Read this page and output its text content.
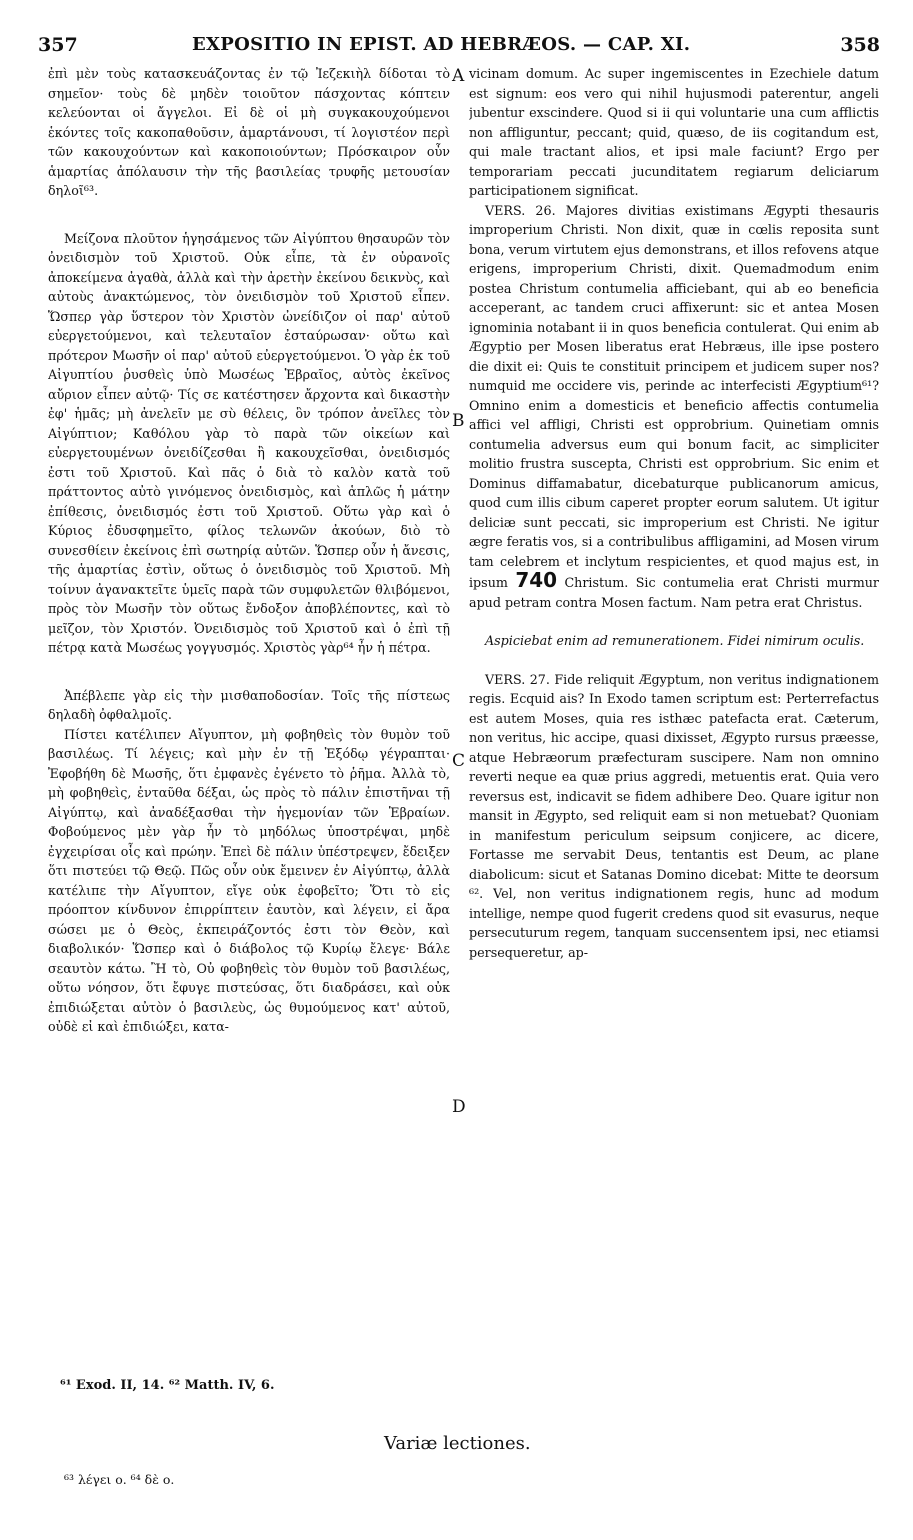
357	EXPOSITIO IN EPIST. AD HEBRÆOS. — CAP. XI.	358

ἐπὶ μὲν τοὺς κατασκευάζοντας ἐν τῷ Ἰεζεκιὴλ δίδοται τὸ σημεῖον· τοὺς δὲ μηδὲν τοιοῦτον πάσχοντας κόπτειν κελεύονται οἱ ἄγγελοι. Εἰ δὲ οἱ μὴ συγκακουχούμενοι ἑκόντες τοῖς κακοπαθοῦσιν, ἁμαρτάνουσι, τί λογιστέον περὶ τῶν κακουχούντων καὶ κακοποιούντων; Πρόσκαιρον οὖν ἁμαρτίας ἀπόλαυσιν τὴν τῆς βασιλείας τρυφῆς μετουσίαν δηλοῖ⁶³.

Μείζονα πλοῦτον ἡγησάμενος τῶν Αἰγύπτου θησαυρῶν τὸν ὀνειδισμὸν τοῦ Χριστοῦ. Οὐκ εἶπε, τὰ ἐν οὐρανοῖς ἀποκείμενα ἀγαθὰ, ἀλλὰ καὶ τὴν ἀρετὴν ἐκείνου δεικνὺς, καὶ αὐτοὺς ἀνακτώμενος, τὸν ὀνειδισμὸν τοῦ Χριστοῦ εἶπεν. Ὥσπερ γὰρ ὕστερον τὸν Χριστὸν ὠνείδιζον οἱ παρ' αὐτοῦ εὐεργετούμενοι, καὶ τελευταῖον ἐσταύρωσαν· οὕτω καὶ πρότερον Μωσῆν οἱ παρ' αὐτοῦ εὐεργετούμενοι. Ὁ γὰρ ἐκ τοῦ Αἰγυπτίου ῥυσθεὶς ὑπὸ Μωσέως Ἑβραῖος, αὐτὸς ἐκεῖνος αὔριον εἶπεν αὐτῷ· Τίς σε κατέστησεν ἄρχοντα καὶ δικαστὴν ἐφ' ἡμᾶς; μὴ ἀνελεῖν με σὺ θέλεις, ὃν τρόπον ἀνεῖλες τὸν Αἰγύπτιον; Καθόλου γὰρ τὸ παρὰ τῶν οἰκείων καὶ εὐεργετουμένων ὀνειδίζεσθαι ἢ κακουχεῖσθαι, ὀνειδισμός ἐστι τοῦ Χριστοῦ. Καὶ πᾶς ὁ διὰ τὸ καλὸν κατὰ τοῦ πράττοντος αὐτὸ γινόμενος ὀνειδισμὸς, καὶ ἁπλῶς ἡ μάτην ἐπίθεσις, ὀνειδισμός ἐστι τοῦ Χριστοῦ. Οὕτω γὰρ καὶ ὁ Κύριος ἐδυσφημεῖτο, φίλος τελωνῶν ἀκούων, διὸ τὸ συνεσθίειν ἐκείνοις ἐπὶ σωτηρίᾳ αὐτῶν. Ὥσπερ οὖν ἡ ἄνεσις, τῆς ἁμαρτίας ἐστὶν, οὕτως ὁ ὀνειδισμὸς τοῦ Χριστοῦ. Μὴ τοίνυν ἀγανακτεῖτε ὑμεῖς παρὰ τῶν συμφυλετῶν θλιβόμενοι, πρὸς τὸν Μωσῆν τὸν οὕτως ἔνδοξον ἀποβλέποντες, καὶ τὸ μεῖζον, τὸν Χριστόν. Ὀνειδισμὸς τοῦ Χριστοῦ καὶ ὁ ἐπὶ τῇ πέτρᾳ κατὰ Μωσέως γογγυσμός. Χριστὸς γὰρ⁶⁴ ἦν ἡ πέτρα.

Ἀπέβλεπε γὰρ εἰς τὴν μισθαποδοσίαν. Τοῖς τῆς πίστεως δηλαδὴ ὀφθαλμοῖς.

Πίστει κατέλιπεν Αἴγυπτον, μὴ φοβηθεὶς τὸν θυμὸν τοῦ βασιλέως. Τί λέγεις; καὶ μὴν ἐν τῇ Ἐξόδῳ γέγραπται· Ἐφοβήθη δὲ Μωσῆς, ὅτι ἐμφανὲς ἐγένετο τὸ ῥῆμα. Ἀλλὰ τὸ, μὴ φοβηθεὶς, ἐνταῦθα δέξαι, ὡς πρὸς τὸ πάλιν ἐπιστῆναι τῇ Αἰγύπτῳ, καὶ ἀναδέξασθαι τὴν ἡγεμονίαν τῶν Ἑβραίων. Φοβούμενος μὲν γὰρ ἦν τὸ μηδόλως ὑποστρέψαι, μηδὲ ἐγχειρίσαι οἷς καὶ πρώην. Ἐπεὶ δὲ πάλιν ὑπέστρεψεν, ἔδειξεν ὅτι πιστεύει τῷ Θεῷ. Πῶς οὖν οὐκ ἔμεινεν ἐν Αἰγύπτῳ, ἀλλὰ κατέλιπε τὴν Αἴγυπτον, εἴγε οὐκ ἐφοβεῖτο; Ὅτι τὸ εἰς πρόοπτον κίνδυνον ἐπιρρίπτειν ἑαυτὸν, καὶ λέγειν, εἰ ἄρα σώσει με ὁ Θεὸς, ἐκπειράζοντός ἐστι τὸν Θεὸν, καὶ διαβολικόν· Ὥσπερ καὶ ὁ διάβολος τῷ Κυρίῳ ἔλεγε· Βάλε σεαυτὸν κάτω. Ἢ τὸ, Οὐ φοβηθεὶς τὸν θυμὸν τοῦ βασιλέως, οὕτω νόησον, ὅτι ἔφυγε πιστεύσας, ὅτι διαδράσει, καὶ οὐκ ἐπιδιώξεται αὐτὸν ὁ βασιλεὺς, ὡς θυμούμενος κατ' αὐτοῦ, οὐδὲ εἰ καὶ ἐπιδιώξει, κατα-

A
B
C
D

vicinam domum. Ac super ingemiscentes in Ezechiele datum est signum: eos vero qui nihil hujusmodi paterentur, angeli jubentur exscindere. Quod si ii qui voluntarie una cum afflictis non affliguntur, peccant; quid, quæso, de iis cogitandum est, qui male tractant alios, et ipsi male faciunt? Ergo per temporariam peccati jucunditatem regiarum deliciarum participationem significat.

VERS. 26. Majores divitias existimans Ægypti thesauris improperium Christi. Non dixit, quæ in cœlis reposita sunt bona, verum virtutem ejus demonstrans, et illos refovens atque erigens, improperium Christi, dixit. Quemadmodum enim postea Christum contumelia afficiebant, qui ab eo beneficia acceperant, ac tandem cruci affixerunt: sic et antea Mosen ignominia notabant ii in quos beneficia contulerat. Qui enim ab Ægyptio per Mosen liberatus erat Hebræus, ille ipse postero die dixit ei: Quis te constituit principem et judicem super nos? numquid me occidere vis, perinde ac interfecisti Ægyptium⁶¹? Omnino enim a domesticis et beneficio affectis contumelia affici vel affligi, Christi est opprobrium. Quinetiam omnis contumelia adversus eum qui bonum facit, ac simpliciter molitio frustra suscepta, Christi est opprobrium. Sic enim et Dominus diffamabatur, dicebaturque publicanorum amicus, quod cum illis cibum caperet propter eorum salutem. Ut igitur deliciæ sunt peccati, sic improperium est Christi. Ne igitur ægre feratis vos, si a contribulibus affligamini, ad Mosen virum tam celebrem et inclytum respicientes, et quod majus est, in ipsum 740 Christum. Sic contumelia erat Christi murmur apud petram contra Mosen factum. Nam petra erat Christus.

Aspiciebat enim ad remunerationem. Fidei nimirum oculis.

VERS. 27. Fide reliquit Ægyptum, non veritus indignationem regis. Ecquid ais? In Exodo tamen scriptum est: Perterrefactus est autem Moses, quia res isthæc patefacta erat. Cæterum, non veritus, hic accipe, quasi dixisset, Ægypto rursus præesse, atque Hebræorum præfecturam suscipere. Nam non omnino reverti neque ea quæ prius aggredi, metuentis erat. Quia vero reversus est, indicavit se fidem adhibere Deo. Quare igitur non mansit in Ægypto, sed reliquit eam si non metuebat? Quoniam in manifestum periculum seipsum conjicere, ac dicere, Fortasse me servabit Deus, tentantis est Deum, ac plane diabolicum: sicut et Satanas Domino dicebat: Mitte te deorsum ⁶². Vel, non veritus indignationem regis, hunc ad modum intellige, nempe quod fugerit credens quod sit evasurus, neque persecuturum regem, tanquam succensentem ipsi, nec etiamsi persequeretur, ap-

⁶¹ Exod. II, 14. ⁶² Matth. IV, 6.
Variæ lectiones.
⁶³ λέγει ο. ⁶⁴ δὲ ο.
